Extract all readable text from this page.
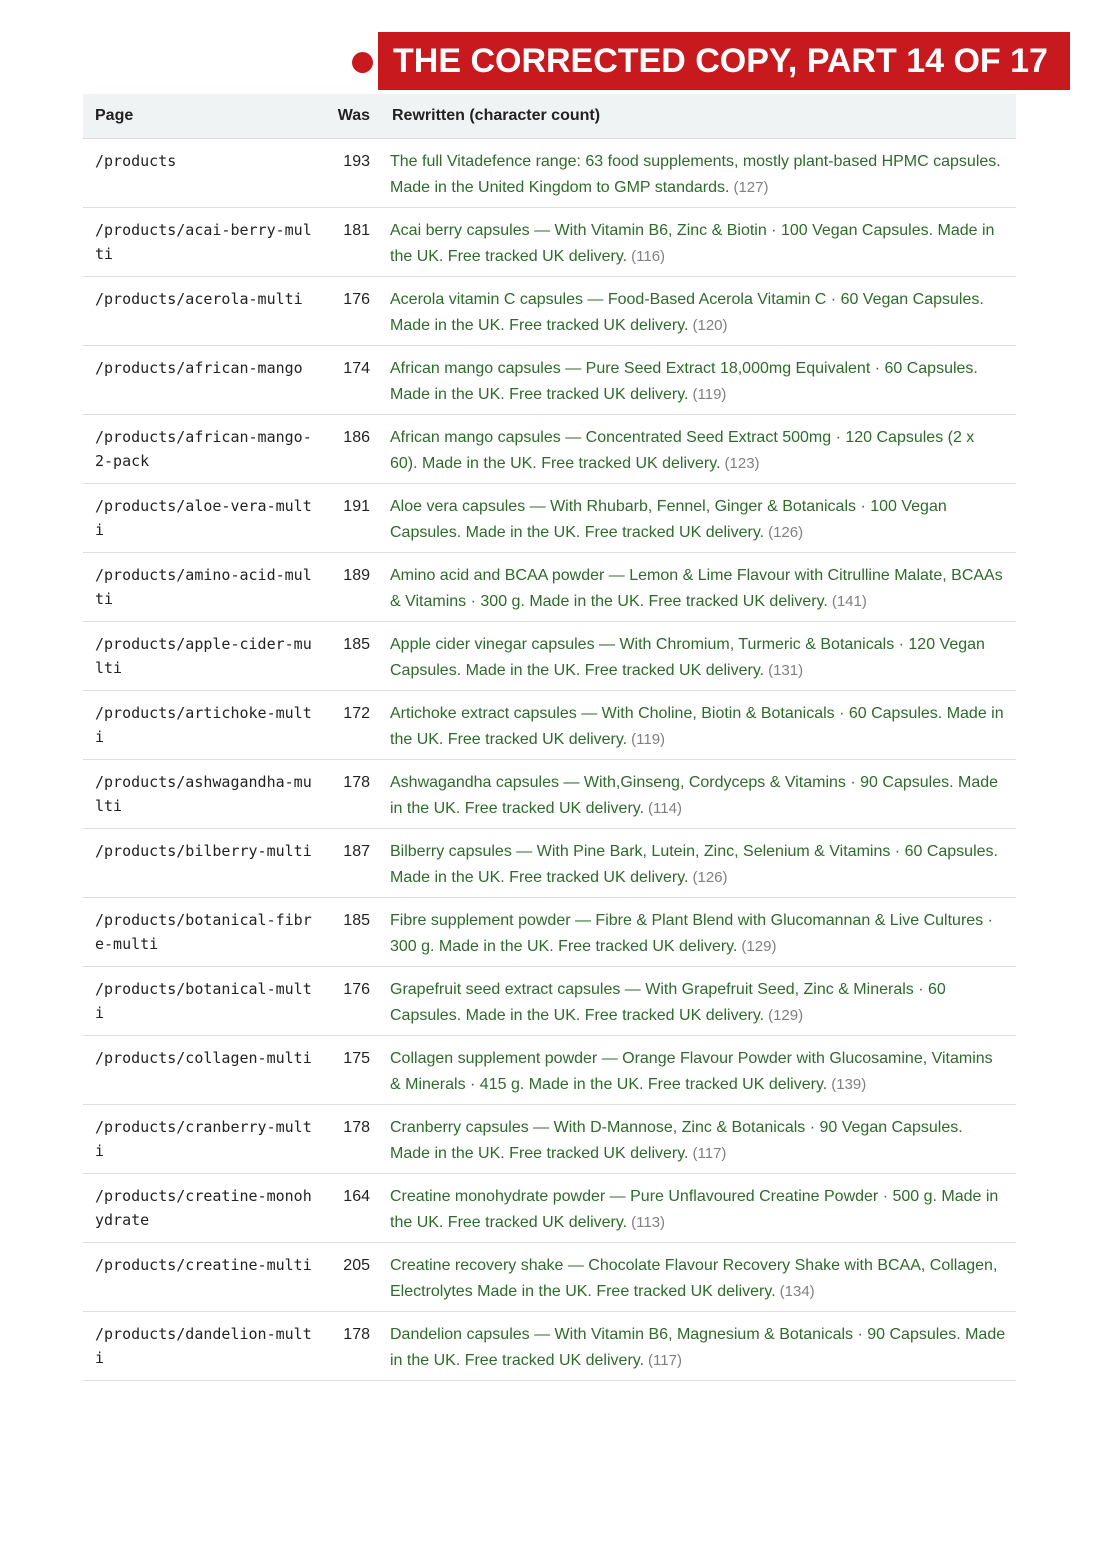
THE CORRECTED COPY, PART 14 OF 17
Page	Was	Rewritten (character count)
/products	193	The full Vitadefence range: 63 food supplements, mostly plant-based HPMC capsules. Made in the United Kingdom to GMP standards. (127)
/products/acai-berry-multi	181	Acai berry capsules — With Vitamin B6, Zinc & Biotin · 100 Vegan Capsules. Made in the UK. Free tracked UK delivery. (116)
/products/acerola-multi	176	Acerola vitamin C capsules — Food-Based Acerola Vitamin C · 60 Vegan Capsules. Made in the UK. Free tracked UK delivery. (120)
/products/african-mango	174	African mango capsules — Pure Seed Extract 18,000mg Equivalent · 60 Capsules. Made in the UK. Free tracked UK delivery. (119)
/products/african-mango-2-pack	186	African mango capsules — Concentrated Seed Extract 500mg · 120 Capsules (2 x 60). Made in the UK. Free tracked UK delivery. (123)
/products/aloe-vera-multi	191	Aloe vera capsules — With Rhubarb, Fennel, Ginger & Botanicals · 100 Vegan Capsules. Made in the UK. Free tracked UK delivery. (126)
/products/amino-acid-multi	189	Amino acid and BCAA powder — Lemon & Lime Flavour with Citrulline Malate, BCAAs & Vitamins · 300 g. Made in the UK. Free tracked UK delivery. (141)
/products/apple-cider-multi	185	Apple cider vinegar capsules — With Chromium, Turmeric & Botanicals · 120 Vegan Capsules. Made in the UK. Free tracked UK delivery. (131)
/products/artichoke-multi	172	Artichoke extract capsules — With Choline, Biotin & Botanicals · 60 Capsules. Made in the UK. Free tracked UK delivery. (119)
/products/ashwagandha-multi	178	Ashwagandha capsules — With,Ginseng, Cordyceps & Vitamins · 90 Capsules. Made in the UK. Free tracked UK delivery. (114)
/products/bilberry-multi	187	Bilberry capsules — With Pine Bark, Lutein, Zinc, Selenium & Vitamins · 60 Capsules. Made in the UK. Free tracked UK delivery. (126)
/products/botanical-fibre-multi	185	Fibre supplement powder — Fibre & Plant Blend with Glucomannan & Live Cultures · 300 g. Made in the UK. Free tracked UK delivery. (129)
/products/botanical-multi	176	Grapefruit seed extract capsules — With Grapefruit Seed, Zinc & Minerals · 60 Capsules. Made in the UK. Free tracked UK delivery. (129)
/products/collagen-multi	175	Collagen supplement powder — Orange Flavour Powder with Glucosamine, Vitamins & Minerals · 415 g. Made in the UK. Free tracked UK delivery. (139)
/products/cranberry-multi	178	Cranberry capsules — With D-Mannose, Zinc & Botanicals · 90 Vegan Capsules. Made in the UK. Free tracked UK delivery. (117)
/products/creatine-monohydrate	164	Creatine monohydrate powder — Pure Unflavoured Creatine Powder · 500 g. Made in the UK. Free tracked UK delivery. (113)
/products/creatine-multi	205	Creatine recovery shake — Chocolate Flavour Recovery Shake with BCAA, Collagen, Electrolytes Made in the UK. Free tracked UK delivery. (134)
/products/dandelion-multi	178	Dandelion capsules — With Vitamin B6, Magnesium & Botanicals · 90 Capsules. Made in the UK. Free tracked UK delivery. (117)
